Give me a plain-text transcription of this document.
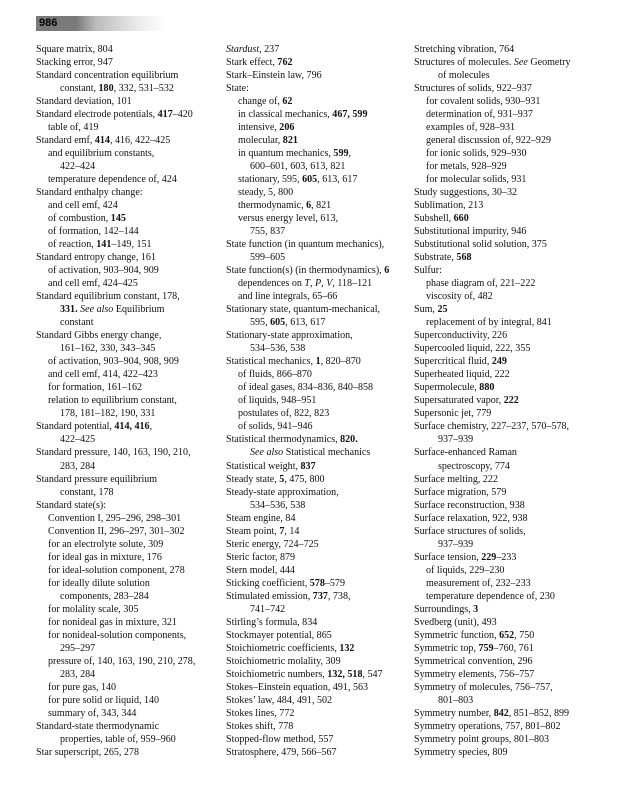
986
Square matrix, 804
Stacking error, 947
Standard concentration equilibrium
constant, 180, 332, 531–532
Standard deviation, 101
Standard electrode potentials, 417–420
table of, 419
Standard emf, 414, 416, 422–425
and equilibrium constants,
422–424
temperature dependence of, 424
Standard enthalpy change:
and cell emf, 424
of combustion, 145
of formation, 142–144
of reaction, 141–149, 151
Standard entropy change, 161
of activation, 903–904, 909
and cell emf, 424–425
Standard equilibrium constant, 178,
331. See also Equilibrium
constant
Standard Gibbs energy change,
161–162, 330, 343–345
of activation, 903–904, 908, 909
and cell emf, 414, 422–423
for formation, 161–162
relation to equilibrium constant,
178, 181–182, 190, 331
Standard potential, 414, 416,
422–425
Standard pressure, 140, 163, 190, 210,
283, 284
Standard pressure equilibrium
constant, 178
Standard state(s):
Convention I, 295–296, 298–301
Convention II, 296–297, 301–302
for an electrolyte solute, 309
for ideal gas in mixture, 176
for ideal-solution component, 278
for ideally dilute solution
components, 283–284
for molality scale, 305
for nonideal gas in mixture, 321
for nonideal-solution components,
295–297
pressure of, 140, 163, 190, 210, 278,
283, 284
for pure gas, 140
for pure solid or liquid, 140
summary of, 343, 344
Standard-state thermodynamic
properties, table of, 959–960
Star superscript, 265, 278
Stardust, 237
Stark effect, 762
Stark–Einstein law, 796
State:
change of, 62
in classical mechanics, 467, 599
intensive, 206
molecular, 821
in quantum mechanics, 599,
600–601, 603, 613, 821
stationary, 595, 605, 613, 617
steady, 5, 800
thermodynamic, 6, 821
versus energy level, 613,
755, 837
State function (in quantum mechanics),
599–605
State function(s) (in thermodynamics), 6
dependences on T, P, V, 118–121
and line integrals, 65–66
Stationary state, quantum-mechanical,
595, 605, 613, 617
Stationary-state approximation,
534–536, 538
Statistical mechanics, 1, 820–870
of fluids, 866–870
of ideal gases, 834–836, 840–858
of liquids, 948–951
postulates of, 822, 823
of solids, 941–946
Statistical thermodynamics, 820.
See also Statistical mechanics
Statistical weight, 837
Steady state, 5, 475, 800
Steady-state approximation,
534–536, 538
Steam engine, 84
Steam point, 7, 14
Steric energy, 724–725
Steric factor, 879
Stern model, 444
Sticking coefficient, 578–579
Stimulated emission, 737, 738,
741–742
Stirling’s formula, 834
Stockmayer potential, 865
Stoichiometric coefficients, 132
Stoichiometric molality, 309
Stoichiometric numbers, 132, 518, 547
Stokes–Einstein equation, 491, 563
Stokes’ law, 484, 491, 502
Stokes lines, 772
Stokes shift, 778
Stopped-flow method, 557
Stratosphere, 479, 566–567
Stretching vibration, 764
Structures of molecules. See Geometry
of molecules
Structures of solids, 922–937
for covalent solids, 930–931
determination of, 931–937
examples of, 928–931
general discussion of, 922–929
for ionic solids, 929–930
for metals, 928–929
for molecular solids, 931
Study suggestions, 30–32
Sublimation, 213
Subshell, 660
Substitutional impurity, 946
Substitutional solid solution, 375
Substrate, 568
Sulfur:
phase diagram of, 221–222
viscosity of, 482
Sum, 25
replacement of by integral, 841
Superconductivity, 226
Supercooled liquid, 222, 355
Supercritical fluid, 249
Superheated liquid, 222
Supermolecule, 880
Supersaturated vapor, 222
Supersonic jet, 779
Surface chemistry, 227–237, 570–578,
937–939
Surface-enhanced Raman
spectroscopy, 774
Surface melting, 222
Surface migration, 579
Surface reconstruction, 938
Surface relaxation, 922, 938
Surface structures of solids,
937–939
Surface tension, 229–233
of liquids, 229–230
measurement of, 232–233
temperature dependence of, 230
Surroundings, 3
Svedberg (unit), 493
Symmetric function, 652, 750
Symmetric top, 759–760, 761
Symmetrical convention, 296
Symmetry elements, 756–757
Symmetry of molecules, 756–757,
801–803
Symmetry number, 842, 851–852, 899
Symmetry operations, 757, 801–802
Symmetry point groups, 801–803
Symmetry species, 809
